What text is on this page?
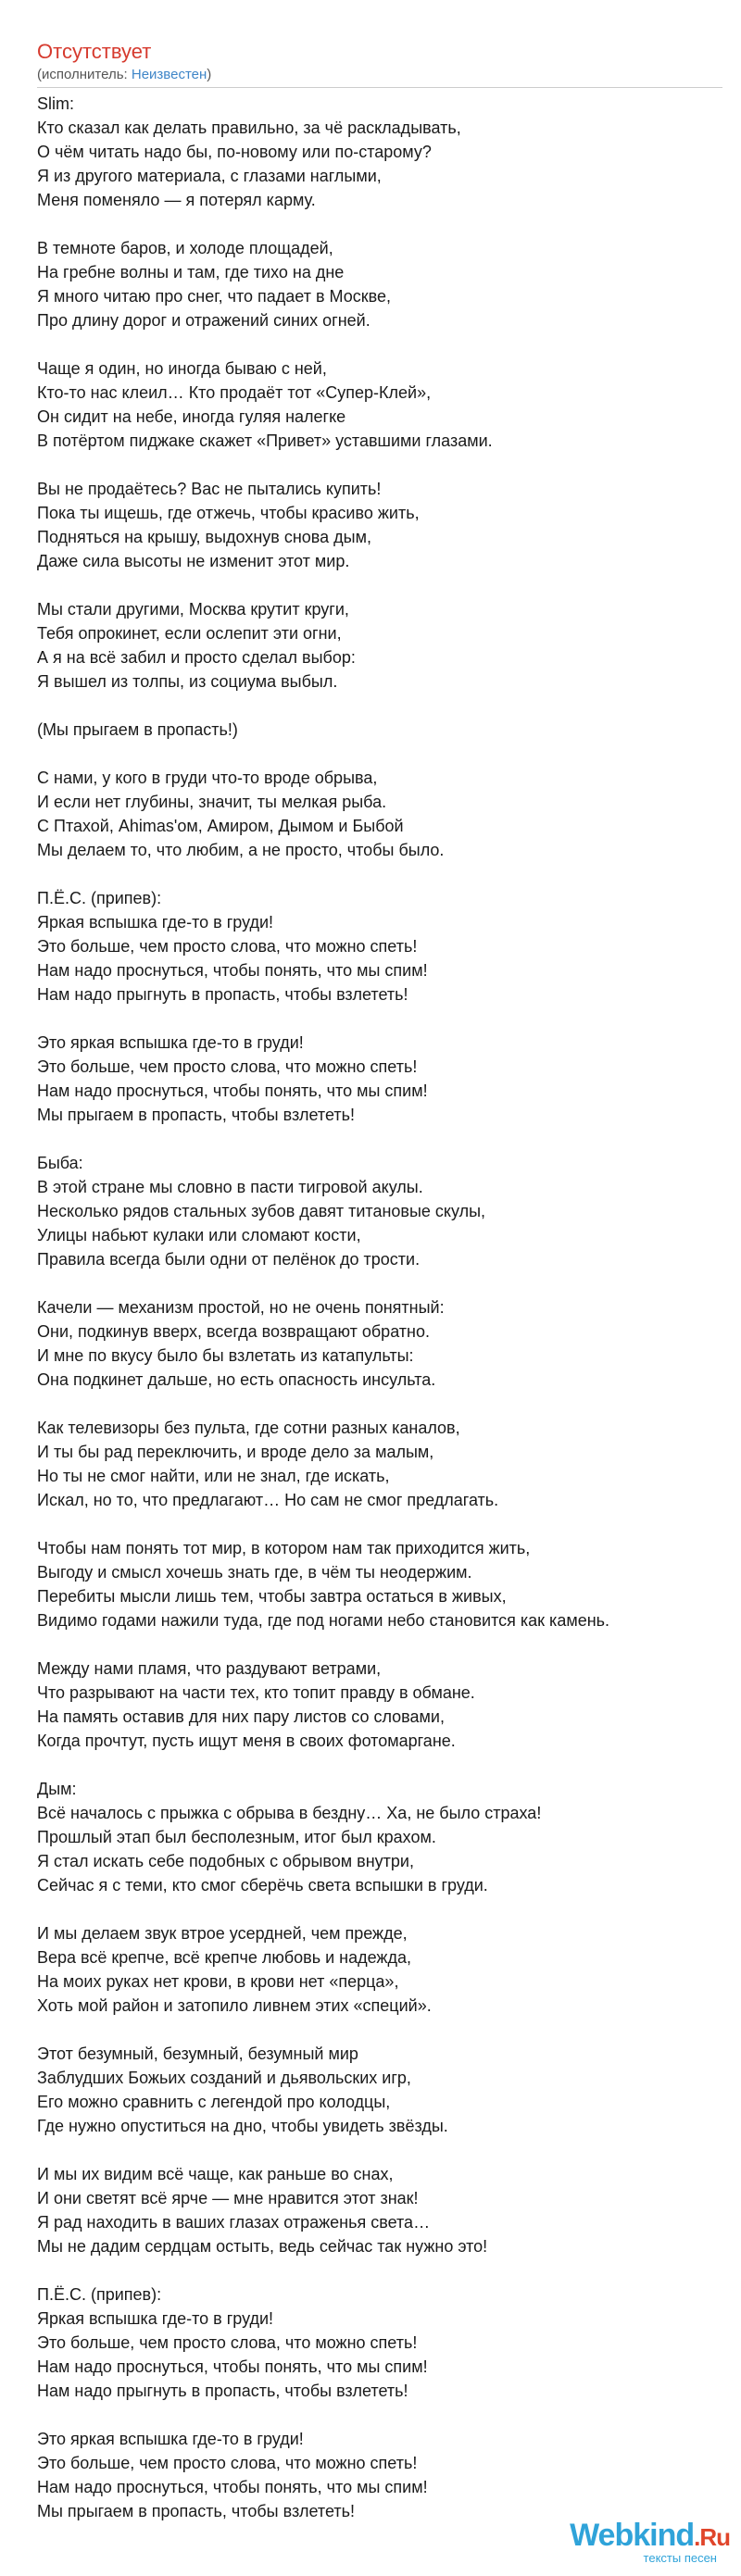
Отсутствует
(исполнитель: Неизвестен)
Slim:
Кто сказал как делать правильно, за чё раскладывать,
О чём читать надо бы, по-новому или по-старому?
Я из другого материала, с глазами наглыми,
Меня поменяло — я потерял карму.

В темноте баров, и холоде площадей,
На гребне волны и там, где тихо на дне
Я много читаю про снег, что падает в Москве,
Про длину дорог и отражений синих огней.

Чаще я один, но иногда бываю с ней,
Кто-то нас клеил… Кто продаёт тот «Супер-Клей»,
Он сидит на небе, иногда гуляя налегке
В потёртом пиджаке скажет «Привет» уставшими глазами.

Вы не продаётесь? Вас не пытались купить!
Пока ты ищешь, где отжечь, чтобы красиво жить,
Подняться на крышу, выдохнув снова дым,
Даже сила высоты не изменит этот мир.

Мы стали другими, Москва крутит круги,
Тебя опрокинет, если ослепит эти огни,
А я на всё забил и просто сделал выбор:
Я вышел из толпы, из социума выбыл.

(Мы прыгаем в пропасть!)

С нами, у кого в груди что-то вроде обрыва,
И если нет глубины, значит, ты мелкая рыба.
С Птахой, Ahimas'ом, Амиром, Дымом и Быбой
Мы делаем то, что любим, а не просто, чтобы было.

П.Ё.С. (припев):
Яркая вспышка где-то в груди!
Это больше, чем просто слова, что можно спеть!
Нам надо проснуться, чтобы понять, что мы спим!
Нам надо прыгнуть в пропасть, чтобы взлететь!

Это яркая вспышка где-то в груди!
Это больше, чем просто слова, что можно спеть!
Нам надо проснуться, чтобы понять, что мы спим!
Мы прыгаем в пропасть, чтобы взлететь!

Быба:
В этой стране мы словно в пасти тигровой акулы.
Несколько рядов стальных зубов давят титановые скулы,
Улицы набьют кулаки или сломают кости,
Правила всегда были одни от пелёнок до трости.

Качели — механизм простой, но не очень понятный:
Они, подкинув вверх, всегда возвращают обратно.
И мне по вкусу было бы взлетать из катапульты:
Она подкинет дальше, но есть опасность инсульта.

Как телевизоры без пульта, где сотни разных каналов,
И ты бы рад переключить, и вроде дело за малым,
Но ты не смог найти, или не знал, где искать,
Искал, но то, что предлагают… Но сам не смог предлагать.

Чтобы нам понять тот мир, в котором нам так приходится жить,
Выгоду и смысл хочешь знать где, в чём ты неодержим.
Перебиты мысли лишь тем, чтобы завтра остаться в живых,
Видимо годами нажили туда, где под ногами небо становится как камень.

Между нами пламя, что раздувают ветрами,
Что разрывают на части тех, кто топит правду в обмане.
На память оставив для них пару листов со словами,
Когда прочтут, пусть ищут меня в своих фотомаргане.

Дым:
Всё началось с прыжка с обрыва в бездну… Ха, не было страха!
Прошлый этап был бесполезным, итог был крахом.
Я стал искать себе подобных с обрывом внутри,
Сейчас я с теми, кто смог сберёчь света вспышки в груди.

И мы делаем звук втрое усердней, чем прежде,
Вера всё крепче, всё крепче любовь и надежда,
На моих руках нет крови, в крови нет «перца»,
Хоть мой район и затопило ливнем этих «специй».

Этот безумный, безумный, безумный мир
Заблудших Божьих созданий и дьявольских игр,
Его можно сравнить с легендой про колодцы,
Где нужно опуститься на дно, чтобы увидеть звёзды.

И мы их видим всё чаще, как раньше во снах,
И они светят всё ярче — мне нравится этот знак!
Я рад находить в ваших глазах отраженья света…
Мы не дадим сердцам остыть, ведь сейчас так нужно это!

П.Ё.С. (припев):
Яркая вспышка где-то в груди!
Это больше, чем просто слова, что можно спеть!
Нам надо проснуться, чтобы понять, что мы спим!
Нам надо прыгнуть в пропасть, чтобы взлететь!

Это яркая вспышка где-то в груди!
Это больше, чем просто слова, что можно спеть!
Нам надо проснуться, чтобы понять, что мы спим!
Мы прыгаем в пропасть, чтобы взлететь!
Webkind.Ru
тексты песен
